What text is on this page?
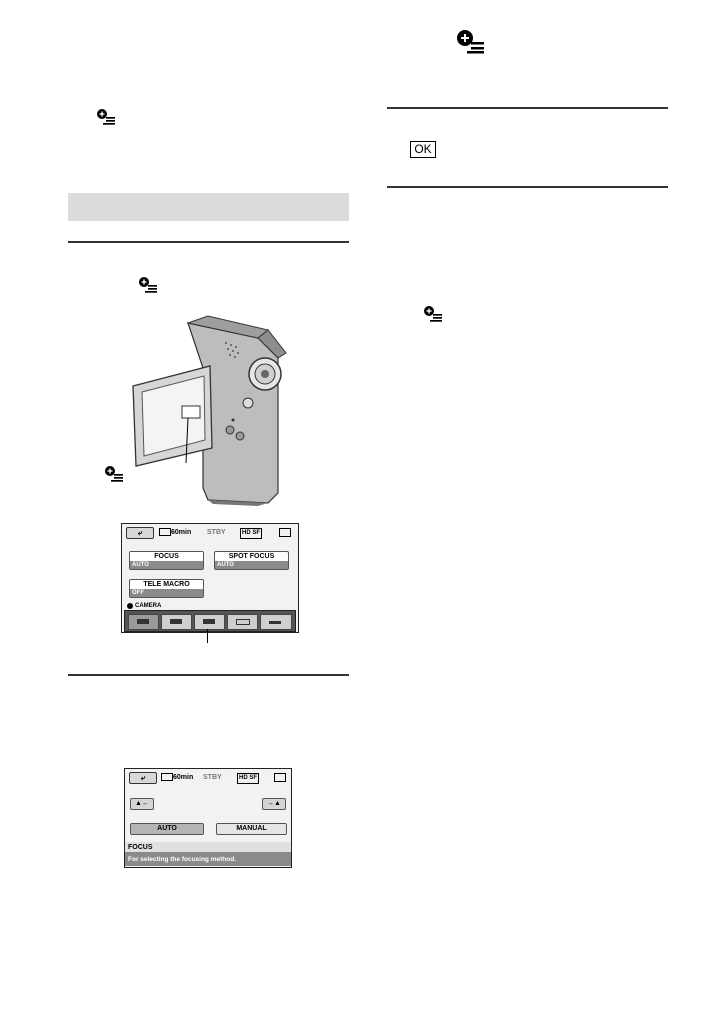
⤶	60min STBY	HD SF
FOCUS
AUTO
SPOT FOCUS
AUTO
TELE MACRO
OFF
CAMERA
⤶	60min STBY	HD SF
▲←	→▲
AUTO	MANUAL
FOCUS
For selecting the focusing method.
OK
